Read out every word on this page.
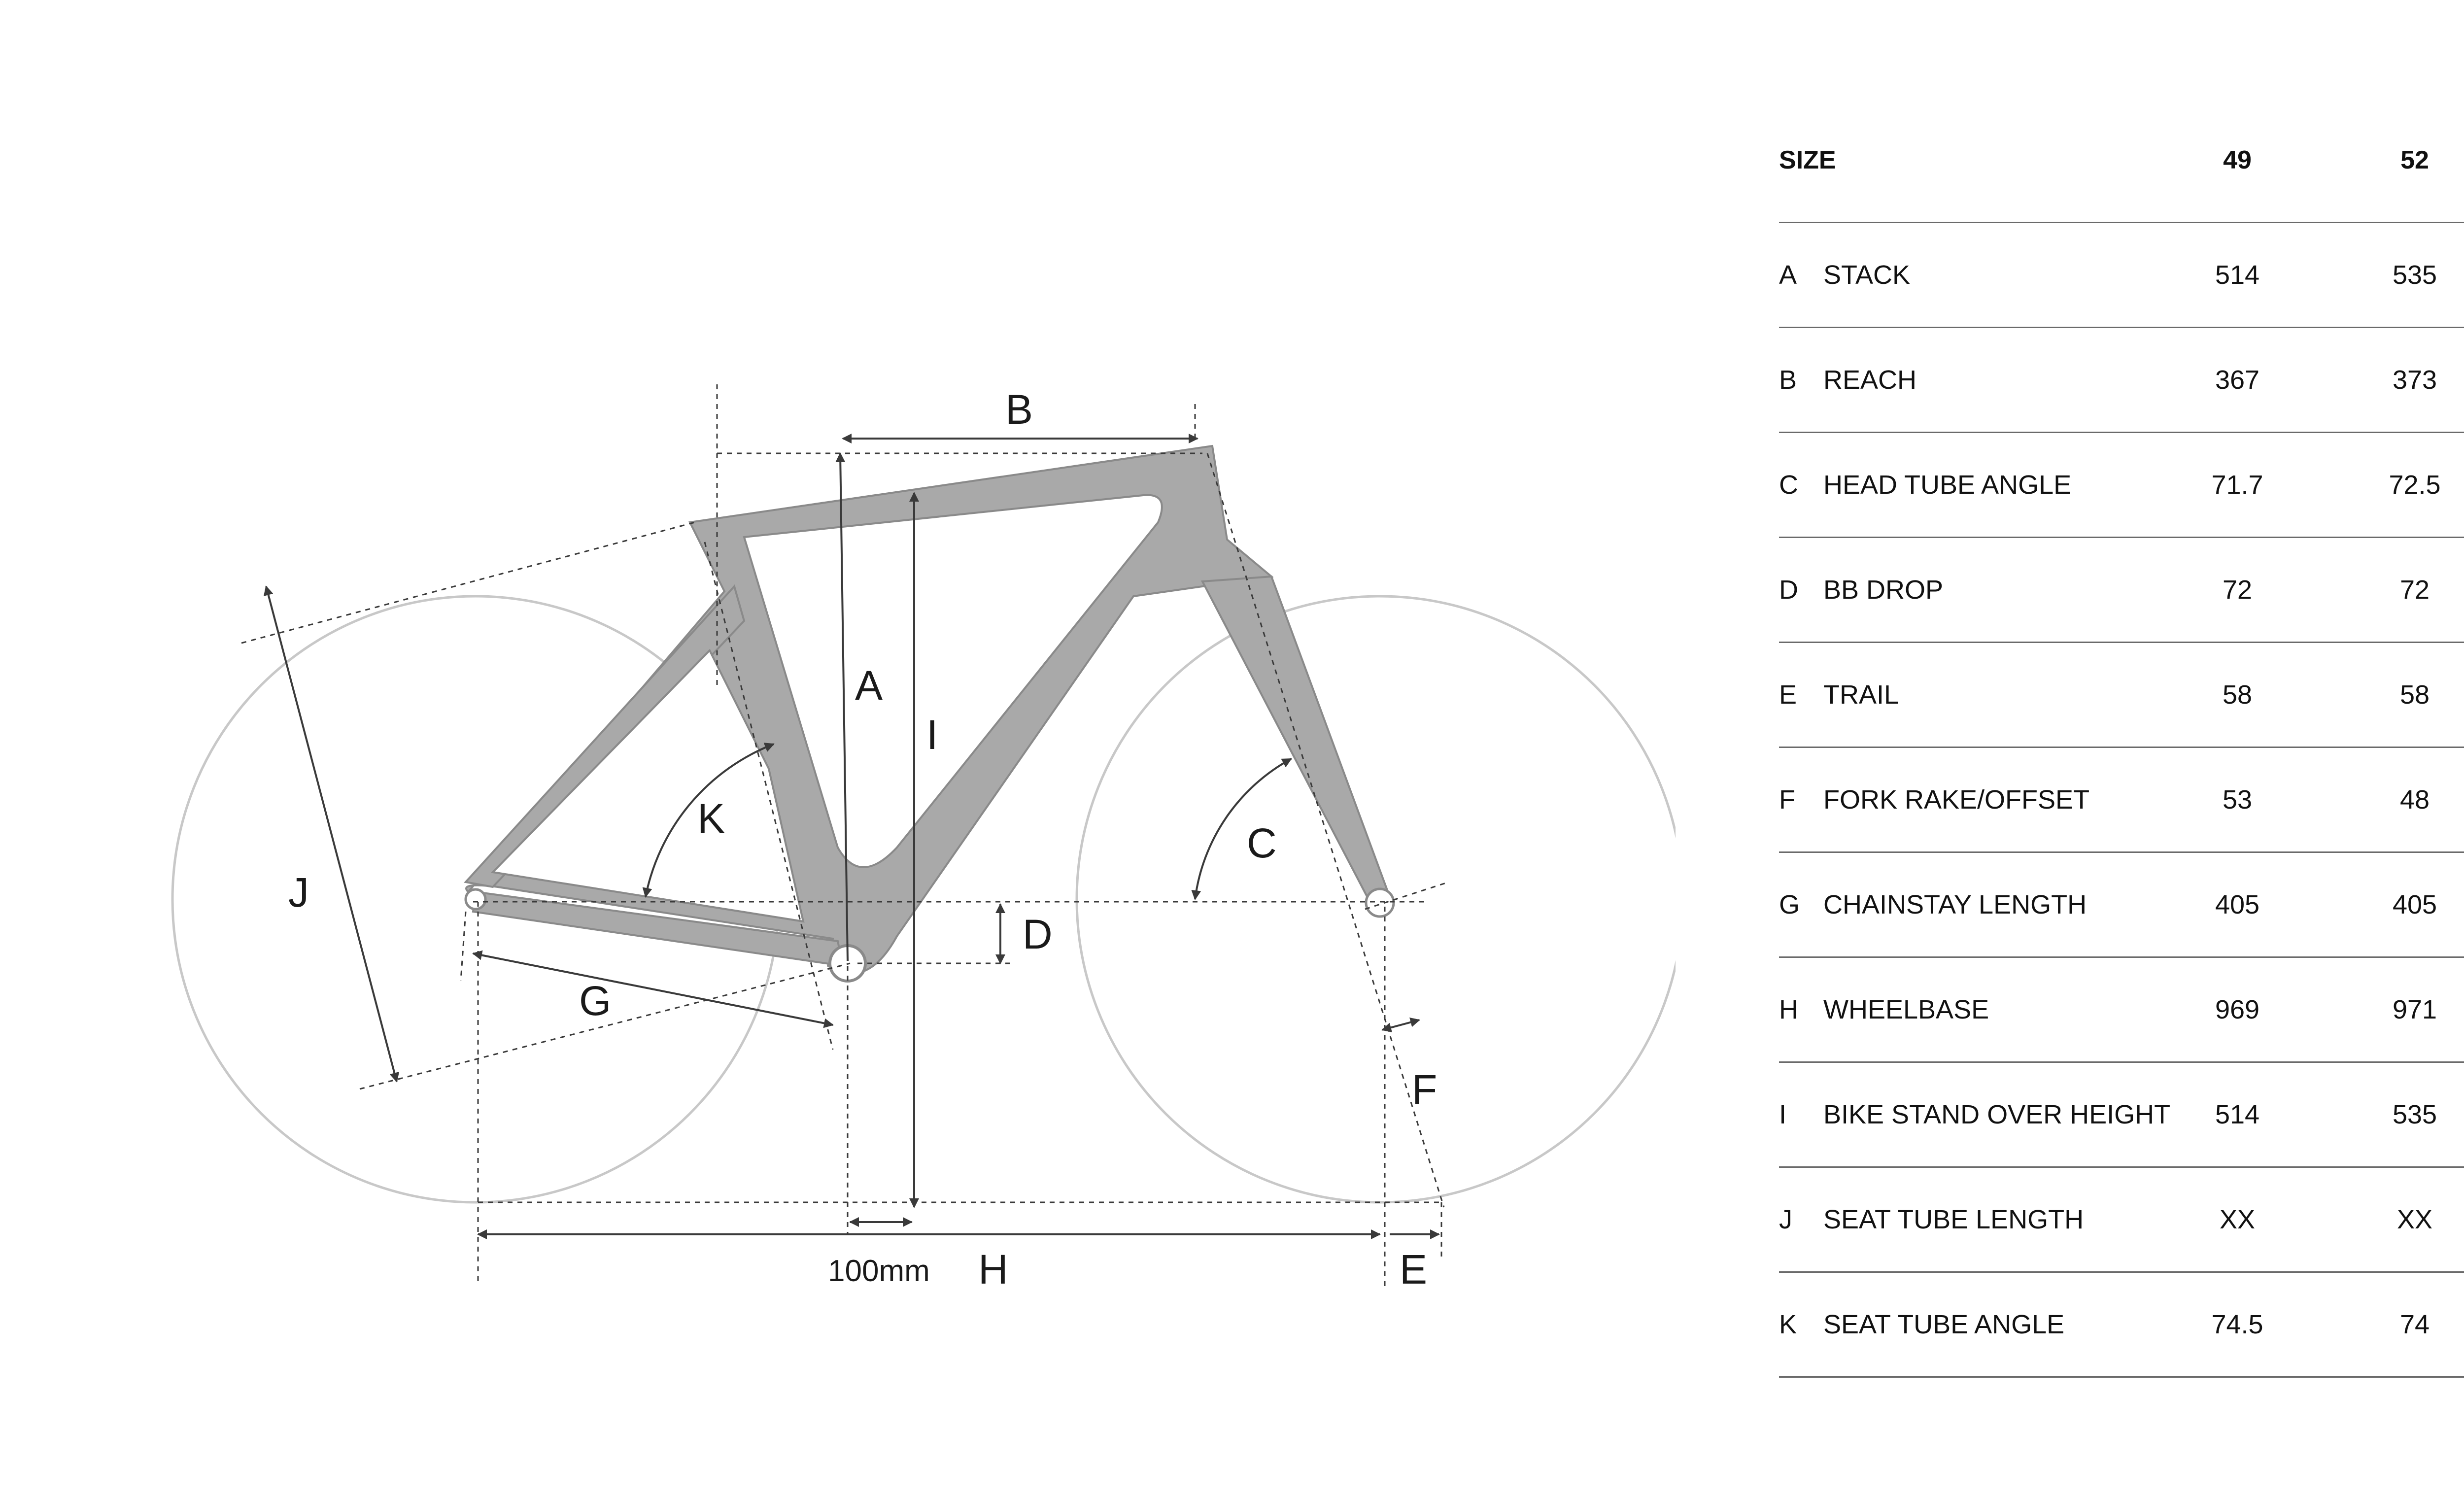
B
A
I
K
C
J
D
G
F
H	E
100mm
SIZE	49	52
A STACK	514	535
B REACH	367	373
C HEAD TUBE ANGLE	71.7	72.5
D BB DROP	72	72
E TRAIL	58	58
F	FORK RAKE/OFFSET	53	48
G CHAINSTAY LENGTH	405	405
H WHEELBASE	969	971
I	BIKE STAND OVER HEIGHT	514	535
J	SEAT TUBE LENGTH	XX	XX
K SEAT TUBE ANGLE	74.5	74
